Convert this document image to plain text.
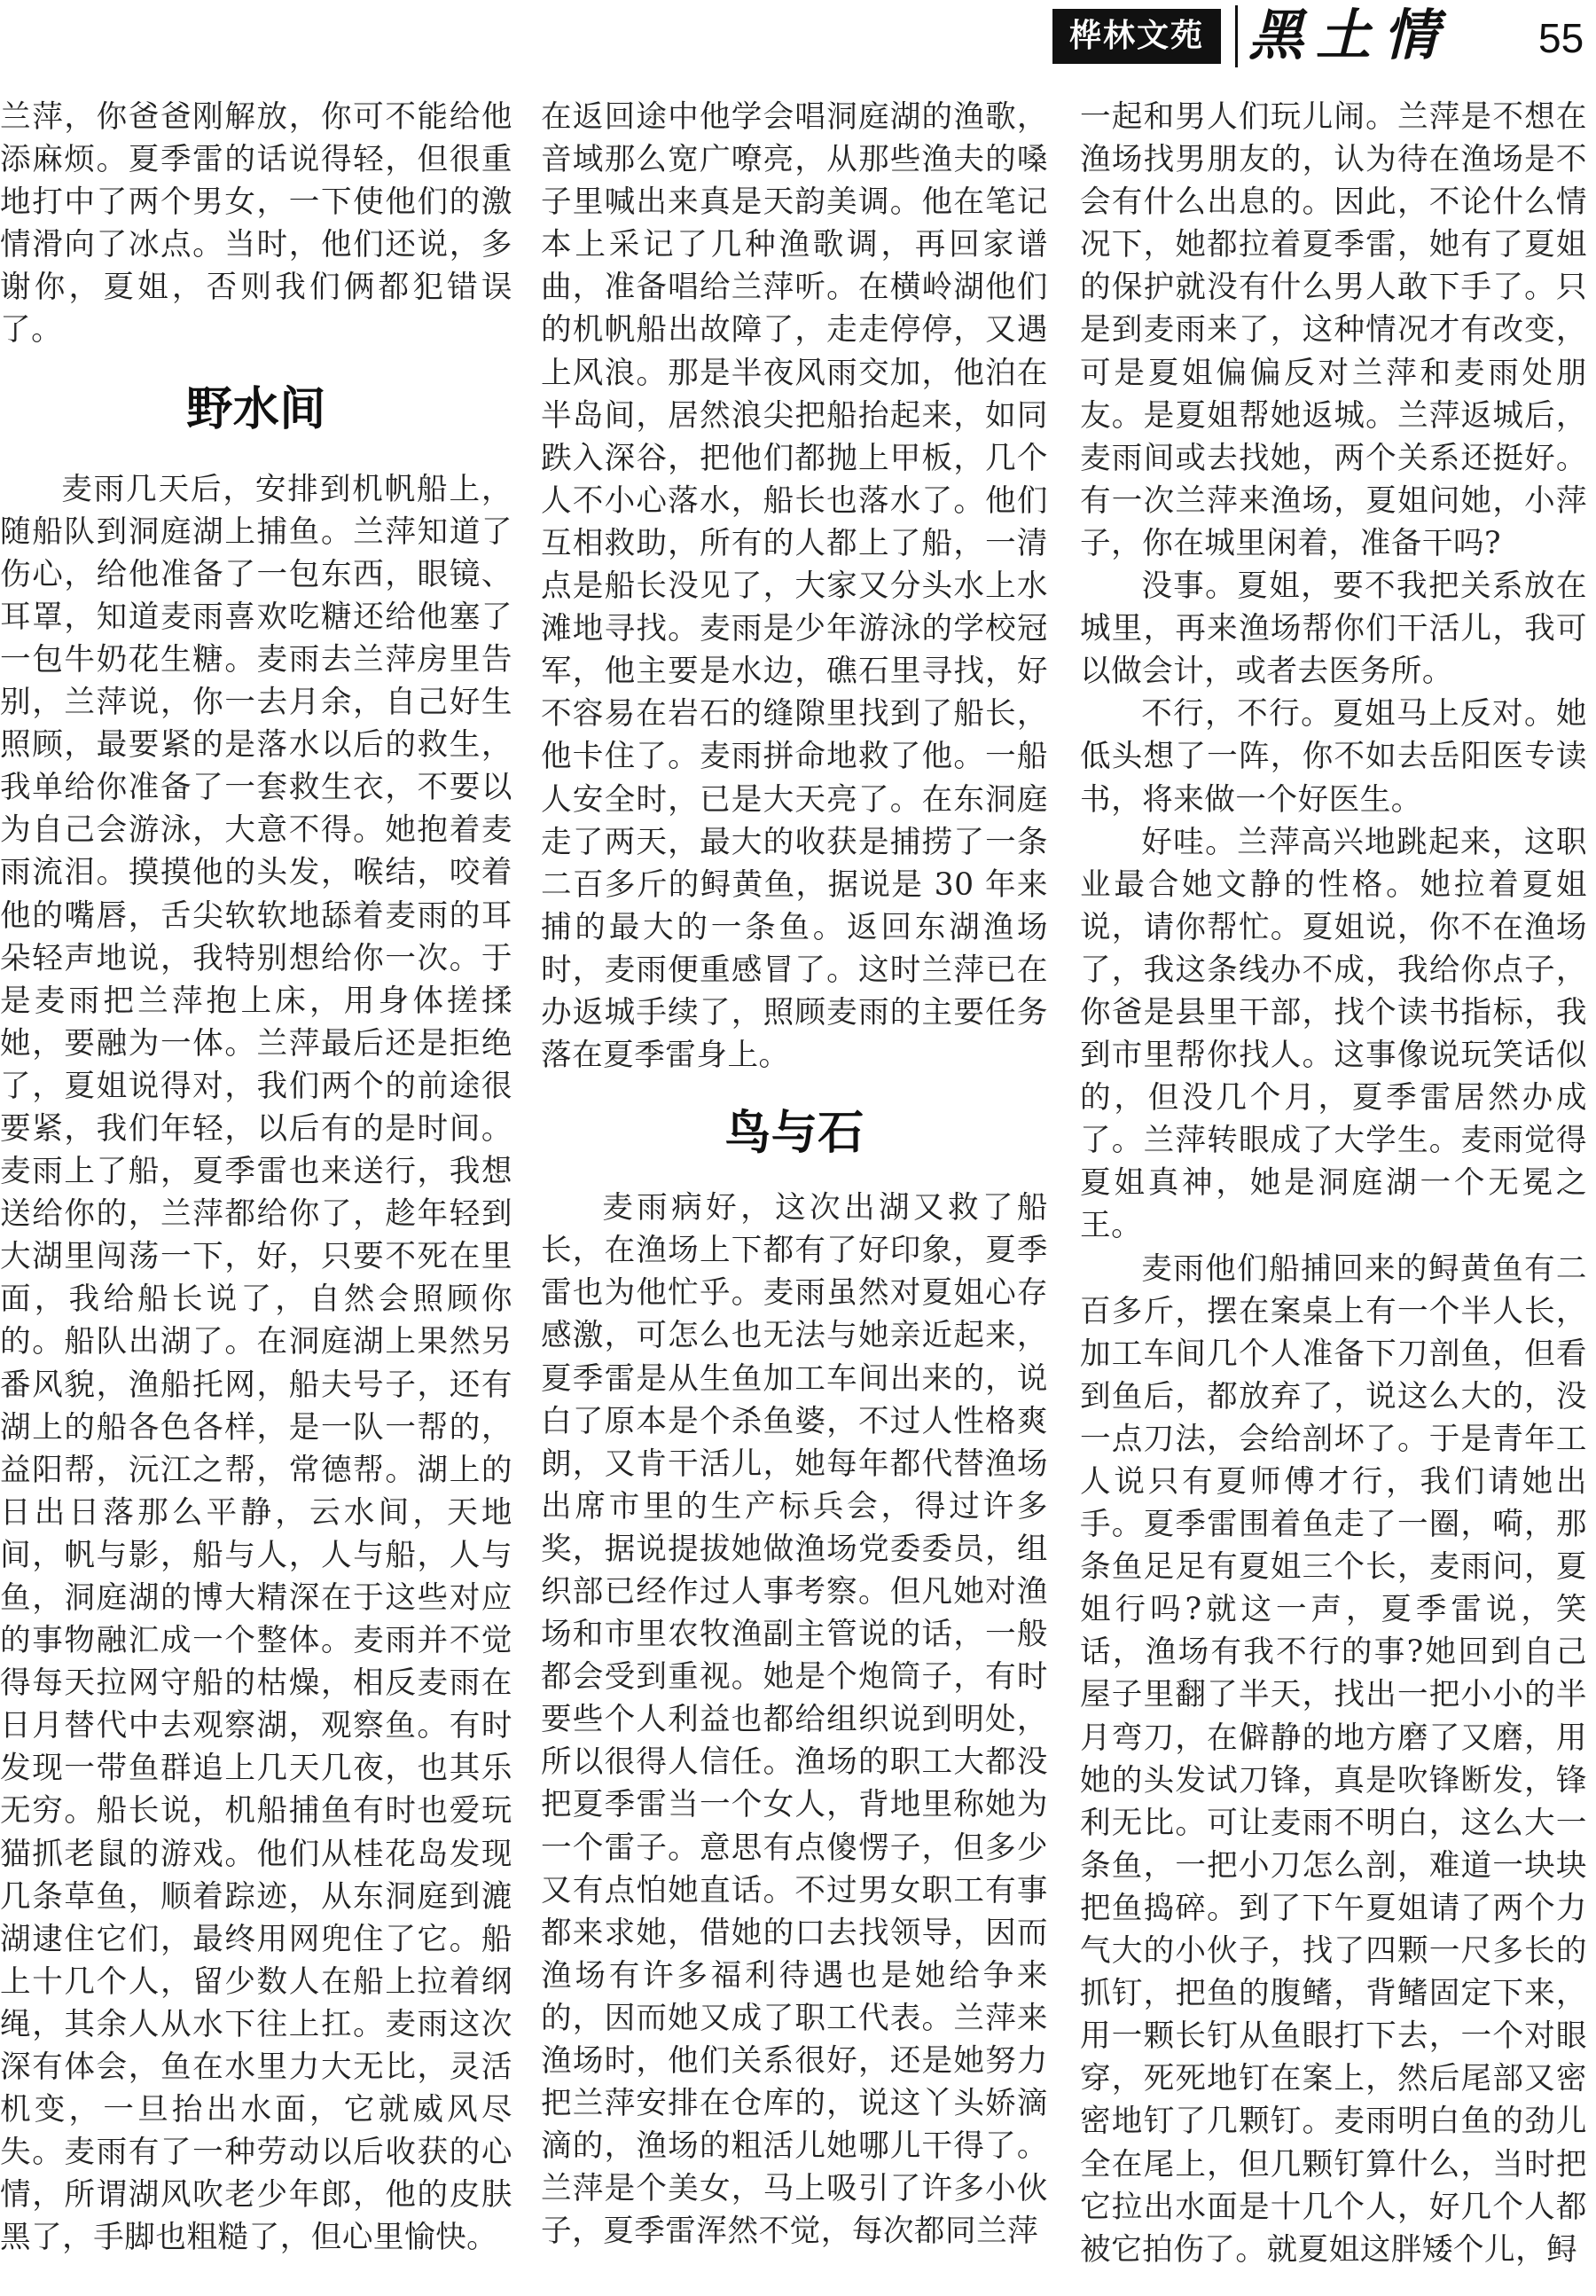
桦林文苑 黑土情	55

兰萍，你爸爸刚解放，你可不能给他添麻烦。夏季雷的话说得轻，但很重地打中了两个男女，一下使他们的激情滑向了冰点。当时，他们还说，多谢你，夏姐，否则我们俩都犯错误了。

野水间

麦雨几天后，安排到机帆船上，随船队到洞庭湖上捕鱼。兰萍知道了伤心，给他准备了一包东西，眼镜、耳罩，知道麦雨喜欢吃糖还给他塞了一包牛奶花生糖。麦雨去兰萍房里告别，兰萍说，你一去月余，自己好生照顾，最要紧的是落水以后的救生，我单给你准备了一套救生衣，不要以为自己会游泳，大意不得。她抱着麦雨流泪。摸摸他的头发，喉结，咬着他的嘴唇，舌尖软软地舔着麦雨的耳朵轻声地说，我特别想给你一次。于是麦雨把兰萍抱上床，用身体搓揉她，要融为一体。兰萍最后还是拒绝了，夏姐说得对，我们两个的前途很要紧，我们年轻，以后有的是时间。麦雨上了船，夏季雷也来送行，我想送给你的，兰萍都给你了，趁年轻到大湖里闯荡一下，好，只要不死在里面，我给船长说了，自然会照顾你的。船队出湖了。在洞庭湖上果然另番风貌，渔船托网，船夫号子，还有湖上的船各色各样，是一队一帮的，益阳帮，沅江之帮，常德帮。湖上的日出日落那么平静，云水间，天地间，帆与影，船与人，人与船，人与鱼，洞庭湖的博大精深在于这些对应的事物融汇成一个整体。麦雨并不觉得每天拉网守船的枯燥，相反麦雨在日月替代中去观察湖，观察鱼。有时发现一带鱼群追上几天几夜，也其乐无穷。船长说，机船捕鱼有时也爱玩猫抓老鼠的游戏。他们从桂花岛发现几条草鱼，顺着踪迹，从东洞庭到漉湖逮住它们，最终用网兜住了它。船上十几个人，留少数人在船上拉着纲绳，其余人从水下往上扛。麦雨这次深有体会，鱼在水里力大无比，灵活机变，一旦抬出水面，它就威风尽失。麦雨有了一种劳动以后收获的心情，所谓湖风吹老少年郎，他的皮肤黑了，手脚也粗糙了，但心里愉快。

在返回途中他学会唱洞庭湖的渔歌，音域那么宽广嘹亮，从那些渔夫的嗓子里喊出来真是天韵美调。他在笔记本上采记了几种渔歌调，再回家谱曲，准备唱给兰萍听。在横岭湖他们的机帆船出故障了，走走停停，又遇上风浪。那是半夜风雨交加，他泊在半岛间，居然浪尖把船抬起来，如同跌入深谷，把他们都抛上甲板，几个人不小心落水，船长也落水了。他们互相救助，所有的人都上了船，一清点是船长没见了，大家又分头水上水滩地寻找。麦雨是少年游泳的学校冠军，他主要是水边，礁石里寻找，好不容易在岩石的缝隙里找到了船长，他卡住了。麦雨拼命地救了他。一船人安全时，已是大天亮了。在东洞庭走了两天，最大的收获是捕捞了一条二百多斤的鲟黄鱼，据说是 30 年来捕的最大的一条鱼。返回东湖渔场时，麦雨便重感冒了。这时兰萍已在办返城手续了，照顾麦雨的主要任务落在夏季雷身上。

鸟与石

麦雨病好，这次出湖又救了船长，在渔场上下都有了好印象，夏季雷也为他忙乎。麦雨虽然对夏姐心存感激，可怎么也无法与她亲近起来，夏季雷是从生鱼加工车间出来的，说白了原本是个杀鱼婆，不过人性格爽朗，又肯干活儿，她每年都代替渔场出席市里的生产标兵会，得过许多奖，据说提拔她做渔场党委委员，组织部已经作过人事考察。但凡她对渔场和市里农牧渔副主管说的话，一般都会受到重视。她是个炮筒子，有时要些个人利益也都给组织说到明处，所以很得人信任。渔场的职工大都没把夏季雷当一个女人，背地里称她为一个雷子。意思有点傻愣子，但多少又有点怕她直话。不过男女职工有事都来求她，借她的口去找领导，因而渔场有许多福利待遇也是她给争来的，因而她又成了职工代表。兰萍来渔场时，他们关系很好，还是她努力把兰萍安排在仓库的，说这丫头娇滴滴的，渔场的粗活儿她哪儿干得了。兰萍是个美女，马上吸引了许多小伙子，夏季雷浑然不觉，每次都同兰萍

一起和男人们玩儿闹。兰萍是不想在渔场找男朋友的，认为待在渔场是不会有什么出息的。因此，不论什么情况下，她都拉着夏季雷，她有了夏姐的保护就没有什么男人敢下手了。只是到麦雨来了，这种情况才有改变，可是夏姐偏偏反对兰萍和麦雨处朋友。是夏姐帮她返城。兰萍返城后，麦雨间或去找她，两个关系还挺好。有一次兰萍来渔场，夏姐问她，小萍子，你在城里闲着，准备干吗?

没事。夏姐，要不我把关系放在城里，再来渔场帮你们干活儿，我可以做会计，或者去医务所。

不行，不行。夏姐马上反对。她低头想了一阵，你不如去岳阳医专读书，将来做一个好医生。

好哇。兰萍高兴地跳起来，这职业最合她文静的性格。她拉着夏姐说，请你帮忙。夏姐说，你不在渔场了，我这条线办不成，我给你点子，你爸是县里干部，找个读书指标，我到市里帮你找人。这事像说玩笑话似的，但没几个月，夏季雷居然办成了。兰萍转眼成了大学生。麦雨觉得夏姐真神，她是洞庭湖一个无冕之王。

麦雨他们船捕回来的鲟黄鱼有二百多斤，摆在案桌上有一个半人长，加工车间几个人准备下刀剖鱼，但看到鱼后，都放弃了，说这么大的，没一点刀法，会给剖坏了。于是青年工人说只有夏师傅才行，我们请她出手。夏季雷围着鱼走了一圈，嗬，那条鱼足足有夏姐三个长，麦雨问，夏姐行吗?就这一声，夏季雷说，笑话，渔场有我不行的事?她回到自己屋子里翻了半天，找出一把小小的半月弯刀，在僻静的地方磨了又磨，用她的头发试刀锋，真是吹锋断发，锋利无比。可让麦雨不明白，这么大一条鱼，一把小刀怎么剖，难道一块块把鱼捣碎。到了下午夏姐请了两个力气大的小伙子，找了四颗一尺多长的抓钉，把鱼的腹鳍，背鳍固定下来，用一颗长钉从鱼眼打下去，一个对眼穿，死死地钉在案上，然后尾部又密密地钉了几颗钉。麦雨明白鱼的劲儿全在尾上，但几颗钉算什么，当时把它拉出水面是十几个人，好几个人都被它拍伤了。就夏姐这胖矮个儿，鲟
